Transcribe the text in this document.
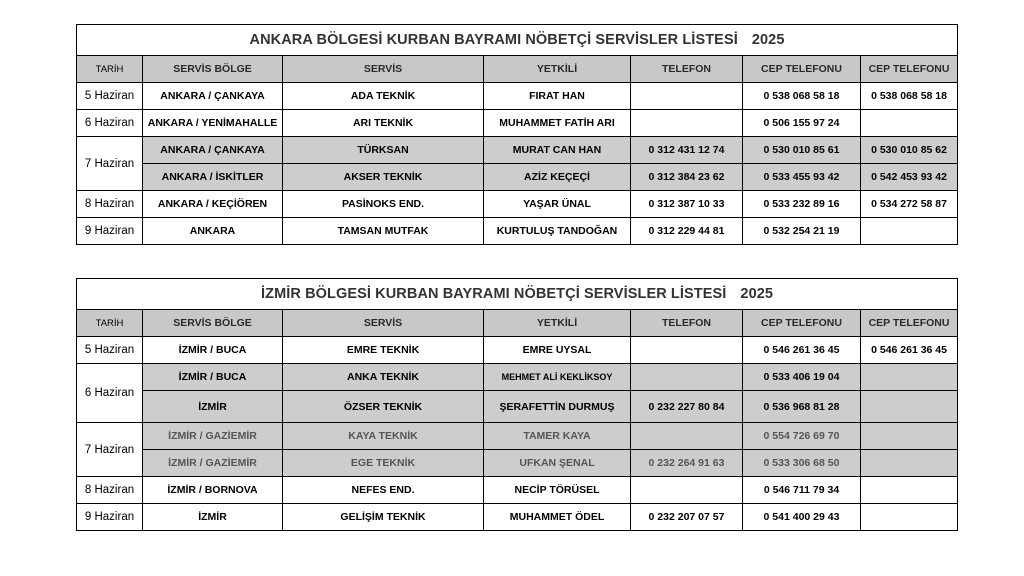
ANKARA BÖLGESİ KURBAN BAYRAMI NÖBETÇİ SERVİSLER LİSTESİ 2025						
TARİH	SERVİS BÖLGE	SERVİS	YETKİLİ	TELEFON	CEP TELEFONU	CEP TELEFONU
5 Haziran	ANKARA / ÇANKAYA	ADA TEKNİK	FIRAT HAN		0 538 068 58 18	0 538 068 58 18
6 Haziran	ANKARA / YENİMAHALLE	ARI TEKNİK	MUHAMMET FATİH ARI		0 506 155 97 24	
7 Haziran	ANKARA / ÇANKAYA	TÜRKSAN	MURAT CAN HAN	0 312 431 12 74	0 530 010 85 61	0 530 010 85 62
	ANKARA / İSKİTLER	AKSER TEKNİK	AZİZ KEÇEÇİ	0 312 384 23 62	0 533 455 93 42	0 542 453 93 42
8 Haziran	ANKARA / KEÇİÖREN	PASİNOKS END.	YAŞAR ÜNAL	0 312 387 10 33	0 533 232 89 16	0 534 272 58 87
9 Haziran	ANKARA	TAMSAN MUTFAK	KURTULUŞ TANDOĞAN	0 312 229 44 81	0 532 254 21 19	
İZMİR BÖLGESİ KURBAN BAYRAMI NÖBETÇİ SERVİSLER LİSTESİ 2025						
TARİH	SERVİS BÖLGE	SERVİS	YETKİLİ	TELEFON	CEP TELEFONU	CEP TELEFONU
5 Haziran	İZMİR / BUCA	EMRE TEKNİK	EMRE UYSAL		0 546 261 36 45	0 546 261 36 45
6 Haziran	İZMİR / BUCA	ANKA TEKNİK	MEHMET ALİ KEKLİKSOY		0 533 406 19 04	
	İZMİR	ÖZSER TEKNİK	ŞERAFETTİN DURMUŞ	0 232 227 80 84	0 536 968 81 28	
7 Haziran	İZMİR / GAZİEMİR	KAYA TEKNİK	TAMER KAYA		0 554 726 69 70	
	İZMİR / GAZİEMİR	EGE TEKNİK	UFKAN ŞENAL	0 232 264 91 63	0 533 306 68 50	
8 Haziran	İZMİR / BORNOVA	NEFES END.	NECİP TÖRÜSEL		0 546 711 79 34	
9 Haziran	İZMİR	GELİŞİM TEKNİK	MUHAMMET ÖDEL	0 232 207 07 57	0 541 400 29 43	
